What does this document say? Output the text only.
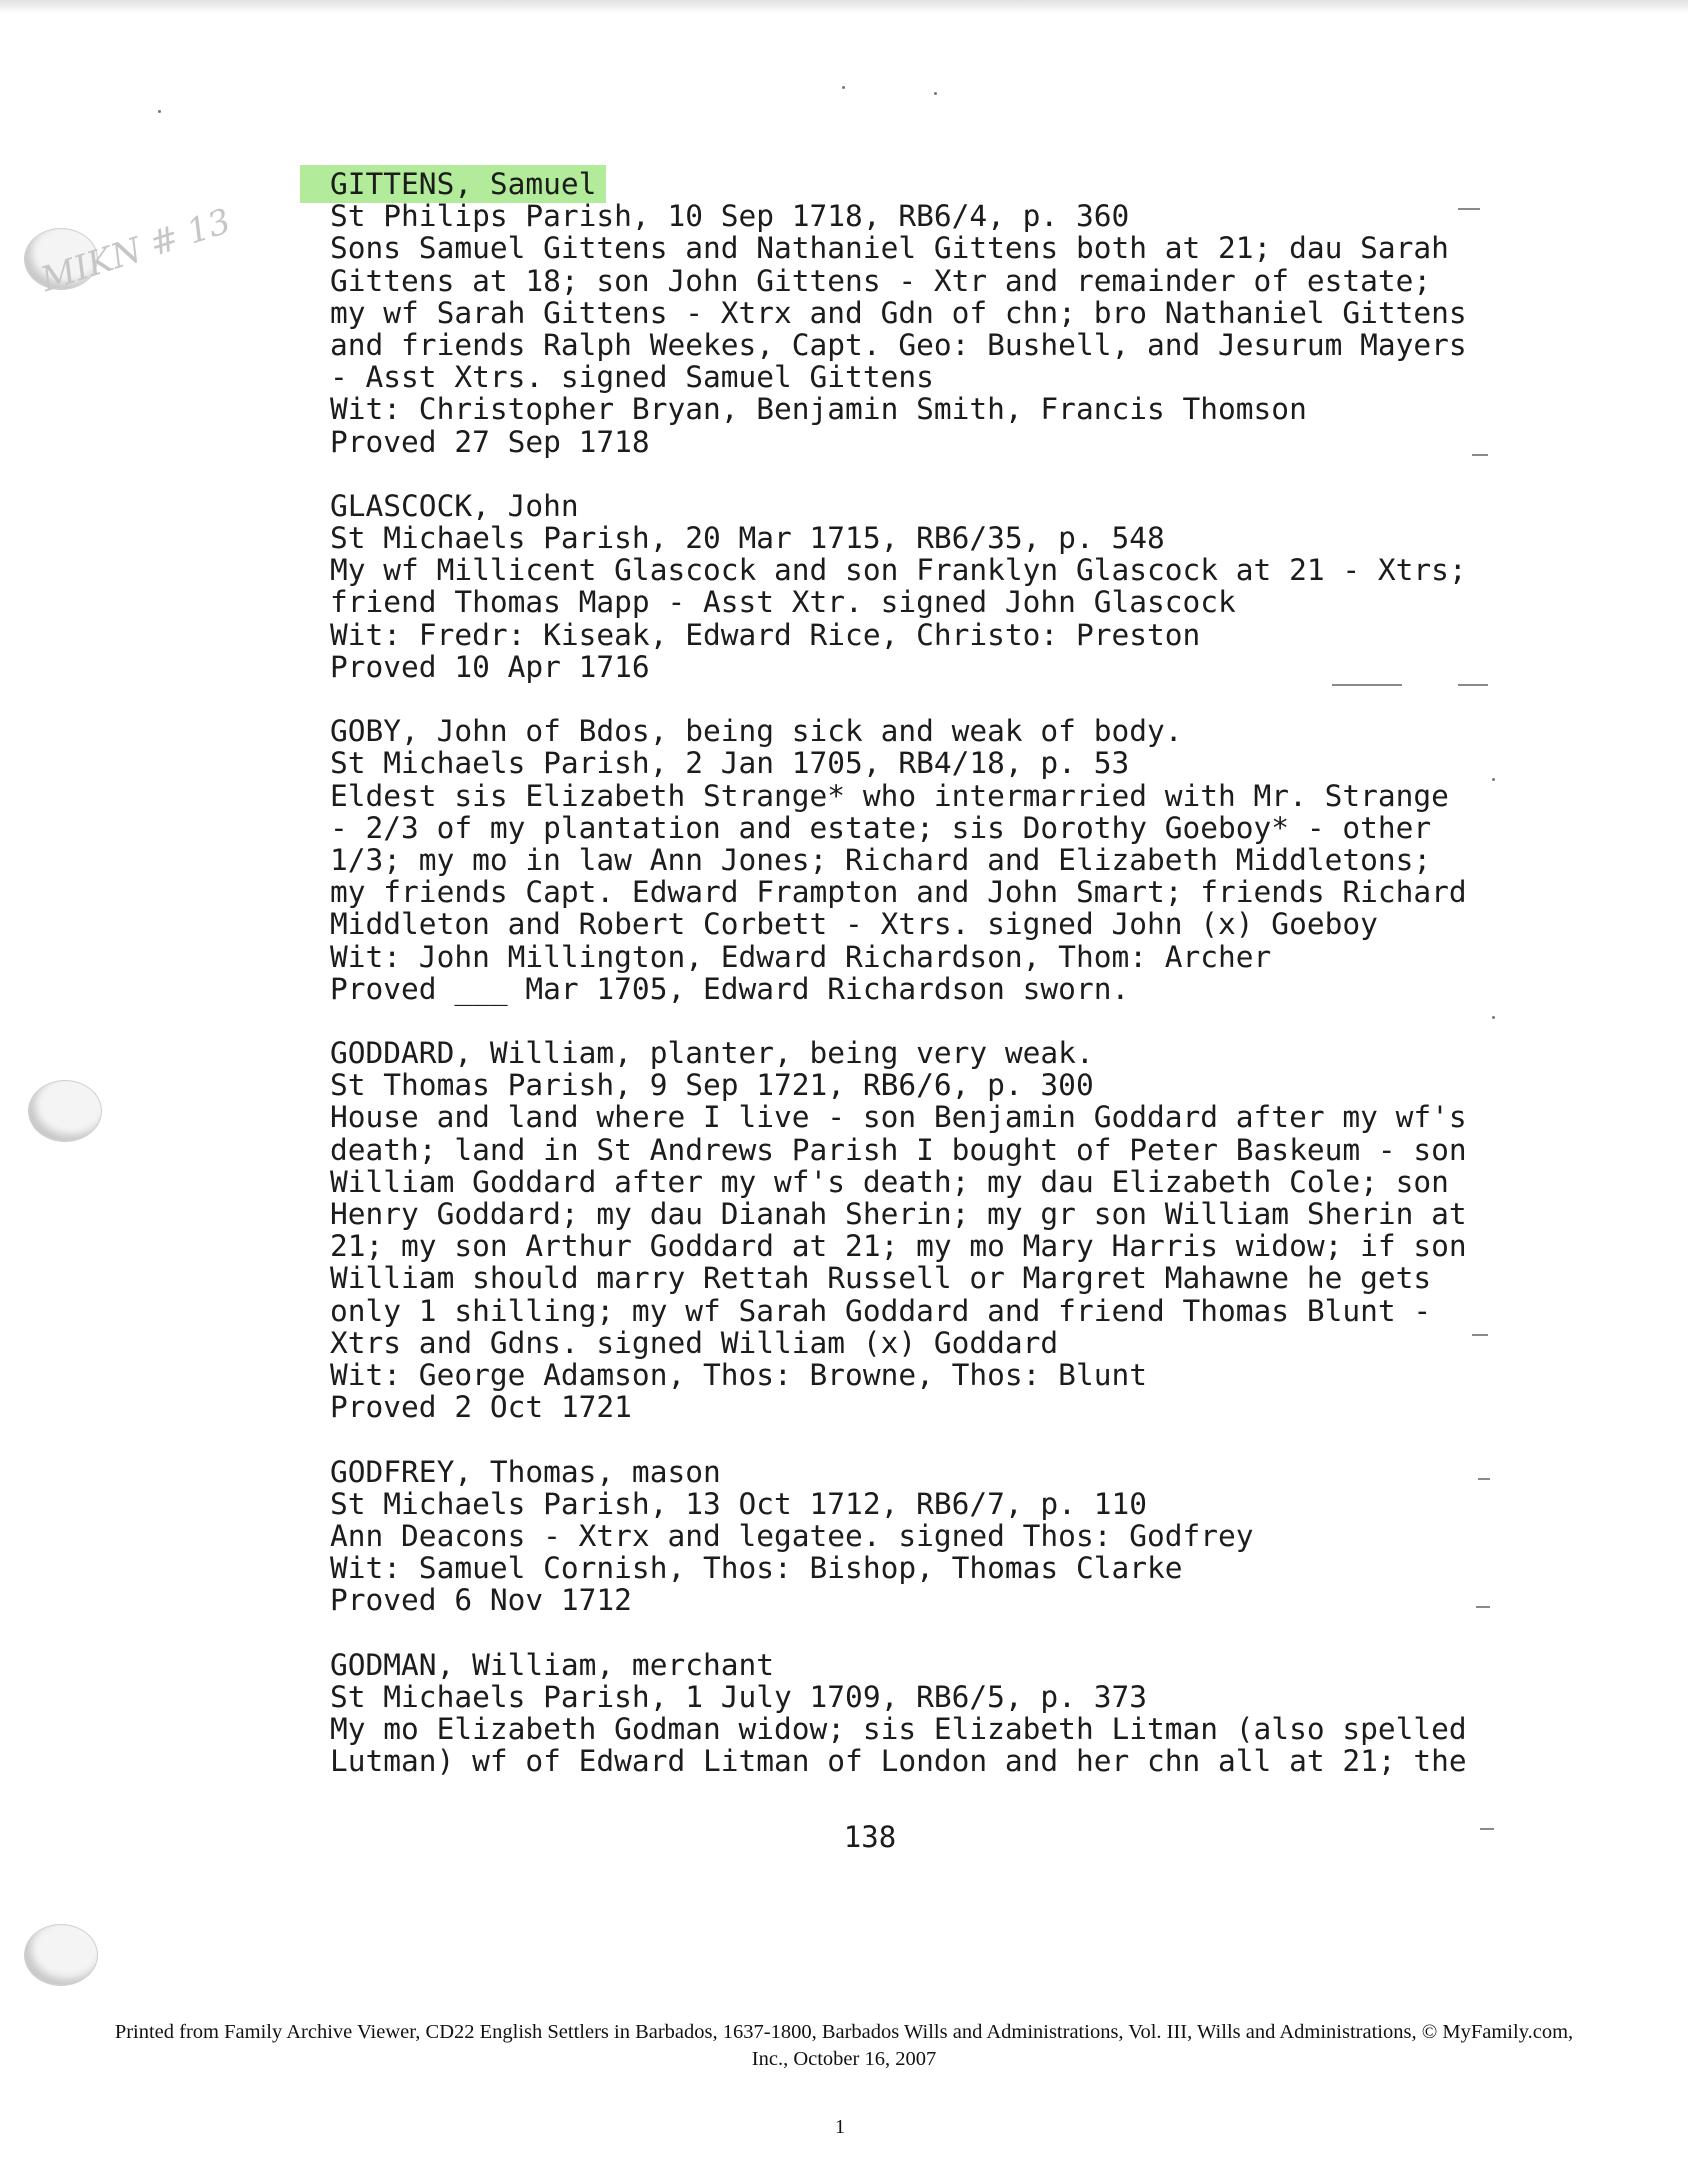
MIKN # 13
GITTENS, Samuel
St Philips Parish, 10 Sep 1718, RB6/4, p. 360
Sons Samuel Gittens and Nathaniel Gittens both at 21; dau Sarah
Gittens at 18; son John Gittens - Xtr and remainder of estate;
my wf Sarah Gittens - Xtrx and Gdn of chn; bro Nathaniel Gittens
and friends Ralph Weekes, Capt. Geo: Bushell, and Jesurum Mayers
- Asst Xtrs. signed Samuel Gittens
Wit: Christopher Bryan, Benjamin Smith, Francis Thomson
Proved 27 Sep 1718
GLASCOCK, John
St Michaels Parish, 20 Mar 1715, RB6/35, p. 548
My wf Millicent Glascock and son Franklyn Glascock at 21 - Xtrs;
friend Thomas Mapp - Asst Xtr. signed John Glascock
Wit: Fredr: Kiseak, Edward Rice, Christo: Preston
Proved 10 Apr 1716
GOBY, John of Bdos, being sick and weak of body.
St Michaels Parish, 2 Jan 1705, RB4/18, p. 53
Eldest sis Elizabeth Strange* who intermarried with Mr. Strange
- 2/3 of my plantation and estate; sis Dorothy Goeboy* - other
1/3; my mo in law Ann Jones; Richard and Elizabeth Middletons;
my friends Capt. Edward Frampton and John Smart; friends Richard
Middleton and Robert Corbett - Xtrs. signed John (x) Goeboy
Wit: John Millington, Edward Richardson, Thom: Archer
Proved ___ Mar 1705, Edward Richardson sworn.
GODDARD, William, planter, being very weak.
St Thomas Parish, 9 Sep 1721, RB6/6, p. 300
House and land where I live - son Benjamin Goddard after my wf's
death; land in St Andrews Parish I bought of Peter Baskeum - son
William Goddard after my wf's death; my dau Elizabeth Cole; son
Henry Goddard; my dau Dianah Sherin; my gr son William Sherin at
21; my son Arthur Goddard at 21; my mo Mary Harris widow; if son
William should marry Rettah Russell or Margret Mahawne he gets
only 1 shilling; my wf Sarah Goddard and friend Thomas Blunt -
Xtrs and Gdns. signed William (x) Goddard
Wit: George Adamson, Thos: Browne, Thos: Blunt
Proved 2 Oct 1721
GODFREY, Thomas, mason
St Michaels Parish, 13 Oct 1712, RB6/7, p. 110
Ann Deacons - Xtrx and legatee. signed Thos: Godfrey
Wit: Samuel Cornish, Thos: Bishop, Thomas Clarke
Proved 6 Nov 1712
GODMAN, William, merchant
St Michaels Parish, 1 July 1709, RB6/5, p. 373
My mo Elizabeth Godman widow; sis Elizabeth Litman (also spelled
Lutman) wf of Edward Litman of London and her chn all at 21; the
138
Printed from Family Archive Viewer, CD22 English Settlers in Barbados, 1637-1800, Barbados Wills and Administrations, Vol. III, Wills and Administrations, © MyFamily.com,
Inc., October 16, 2007
1
